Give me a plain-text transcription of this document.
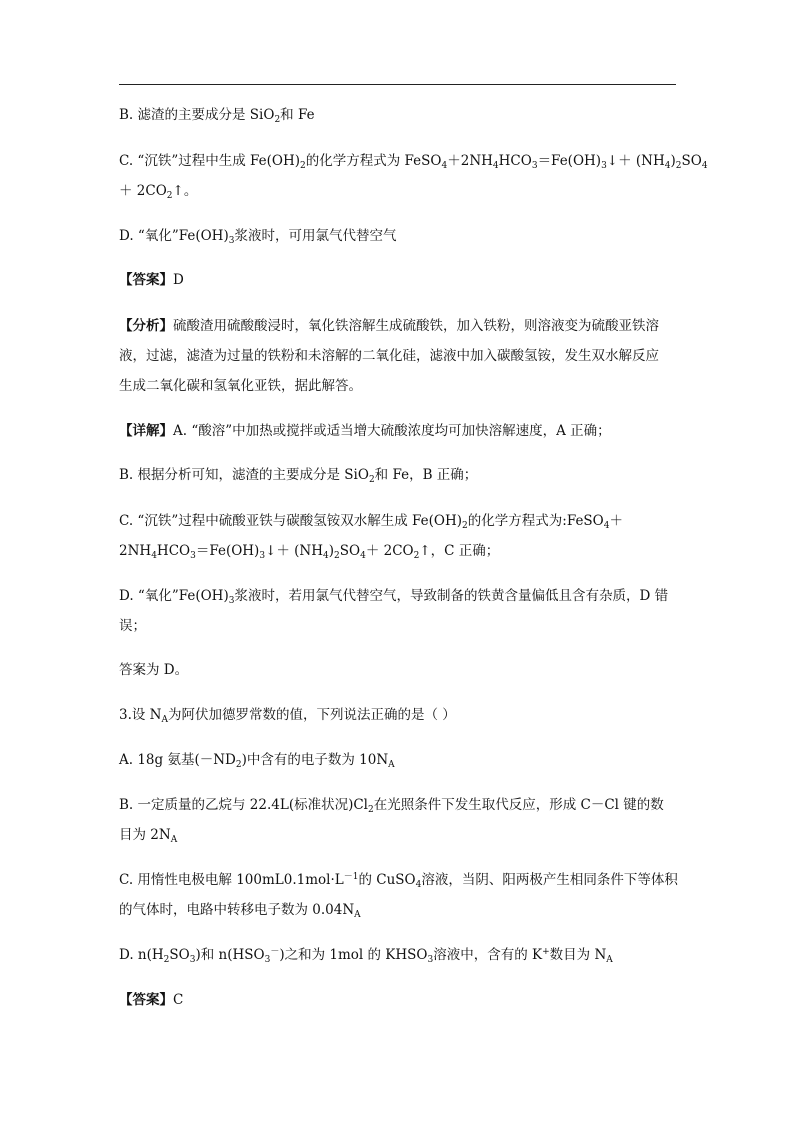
B. 滤渣的主要成分是 SiO$_2$和 Fe
C. “沉铁”过程中生成 $Fe(OH)_2$的化学方程式为 $FeSO_4+2NH_4HCO_3=Fe(OH)_3↓+ (NH_4)_2SO_4$
＋ $2CO_2↑$。
D. “氧化$”Fe(OH)_3$浆液时，可用氯气代替空气
【答案】D
【分析】硫酸渣用硫酸酸浸时，氧化铁溶解生成硫酸铁，加入铁粉，则溶液变为硫酸亚铁溶
液，过滤，滤渣为过量的铁粉和未溶解的二氧化硅，滤液中加入碳酸氢铵，发生双水解反应
生成二氧化碳和氢氧化亚铁，据此解答。
【详解】A. “酸溶”中加热或搅拌或适当增大硫酸浓度均可加快溶解速度，A 正确；
B. 根据分析可知，滤渣的主要成分是 SiO$_2$和 Fe，B 正确；
C. “沉铁”过程中硫酸亚铁与碳酸氢铵双水解生成 $Fe(OH)_2$的化学方程式为:FeSO$_4$＋
$2NH_4HCO_3=Fe(OH)_3↓+ (NH_4)_2SO_4+$ $2CO_2↑$，C 正确；
D. “氧化$”Fe(OH)_3$浆液时，若用氯气代替空气，导致制备的铁黄含量偏低且含有杂质，D 错
误；
答案为 D。
3.设 $N_A$为阿伏加德罗常数的值，下列说法正确的是（ ）
A. 18g 氨基$(-ND_2)$中含有的电子数为 $10N_A$
B. 一定质量的乙烷与 22.4L(标准状况)$Cl_2$在光照条件下发生取代反应，形成 C－Cl 键的数
目为 $2N_A$
C. 用惰性电极电解 $100mL0.1mol\cdot L^{-1}$的 CuSO$_4$溶液，当阴、阳两极产生相同条件下等体积
的气体时，电路中转移电子数为 $0.04N_A$
D. $n(H_2SO_3)$和 $n(HSO_3^-)$之和为 1mol 的 $KHSO_3$溶液中，含有的 K+数目为 $N_A$
【答案】C
